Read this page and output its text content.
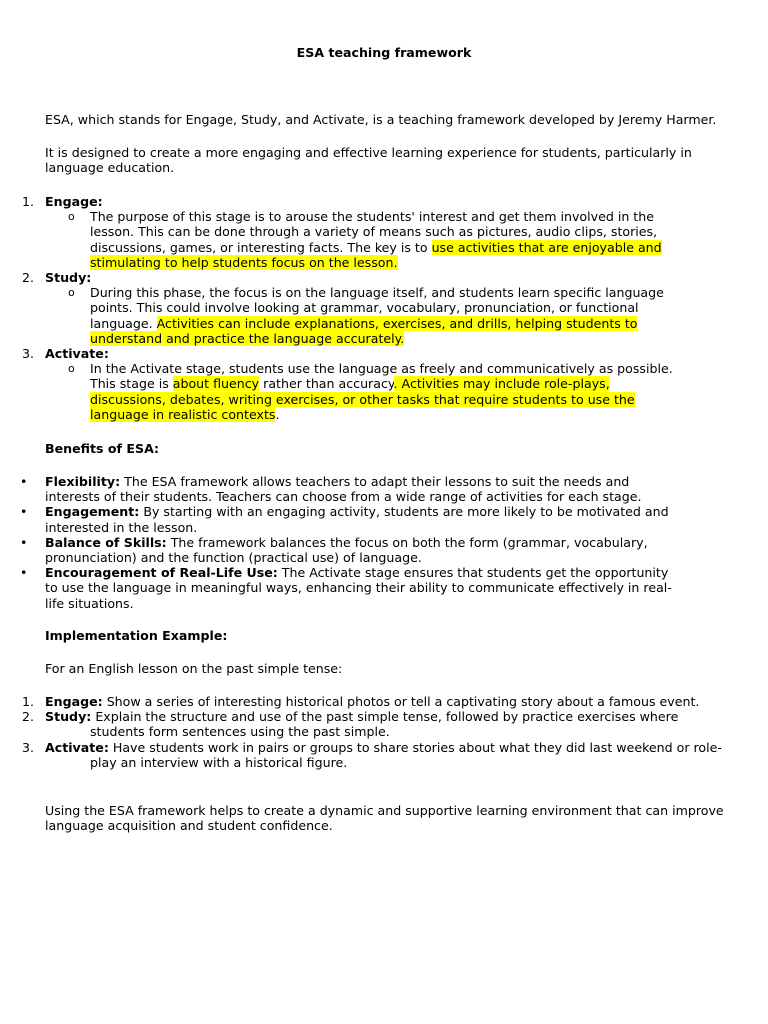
ESA teaching framework

ESA, which stands for Engage, Study, and Activate, is a teaching framework developed by Jeremy Harmer.

It is designed to create a more engaging and effective learning experience for students, particularly in language education.

1. Engage:
o The purpose of this stage is to arouse the students' interest and get them involved in the lesson. This can be done through a variety of means such as pictures, audio clips, stories, discussions, games, or interesting facts. The key is to use activities that are enjoyable and stimulating to help students focus on the lesson.
2. Study:
o During this phase, the focus is on the language itself, and students learn specific language points. This could involve looking at grammar, vocabulary, pronunciation, or functional language. Activities can include explanations, exercises, and drills, helping students to understand and practice the language accurately.
3. Activate:
o In the Activate stage, students use the language as freely and communicatively as possible. This stage is about fluency rather than accuracy. Activities may include role-plays, discussions, debates, writing exercises, or other tasks that require students to use the language in realistic contexts.

Benefits of ESA:

• Flexibility: The ESA framework allows teachers to adapt their lessons to suit the needs and interests of their students. Teachers can choose from a wide range of activities for each stage.
• Engagement: By starting with an engaging activity, students are more likely to be motivated and interested in the lesson.
• Balance of Skills: The framework balances the focus on both the form (grammar, vocabulary, pronunciation) and the function (practical use) of language.
• Encouragement of Real-Life Use: The Activate stage ensures that students get the opportunity to use the language in meaningful ways, enhancing their ability to communicate effectively in real-life situations.

Implementation Example:

For an English lesson on the past simple tense:

1. Engage: Show a series of interesting historical photos or tell a captivating story about a famous event.
2. Study: Explain the structure and use of the past simple tense, followed by practice exercises where students form sentences using the past simple.
3. Activate: Have students work in pairs or groups to share stories about what they did last weekend or role-play an interview with a historical figure.

Using the ESA framework helps to create a dynamic and supportive learning environment that can improve language acquisition and student confidence.
